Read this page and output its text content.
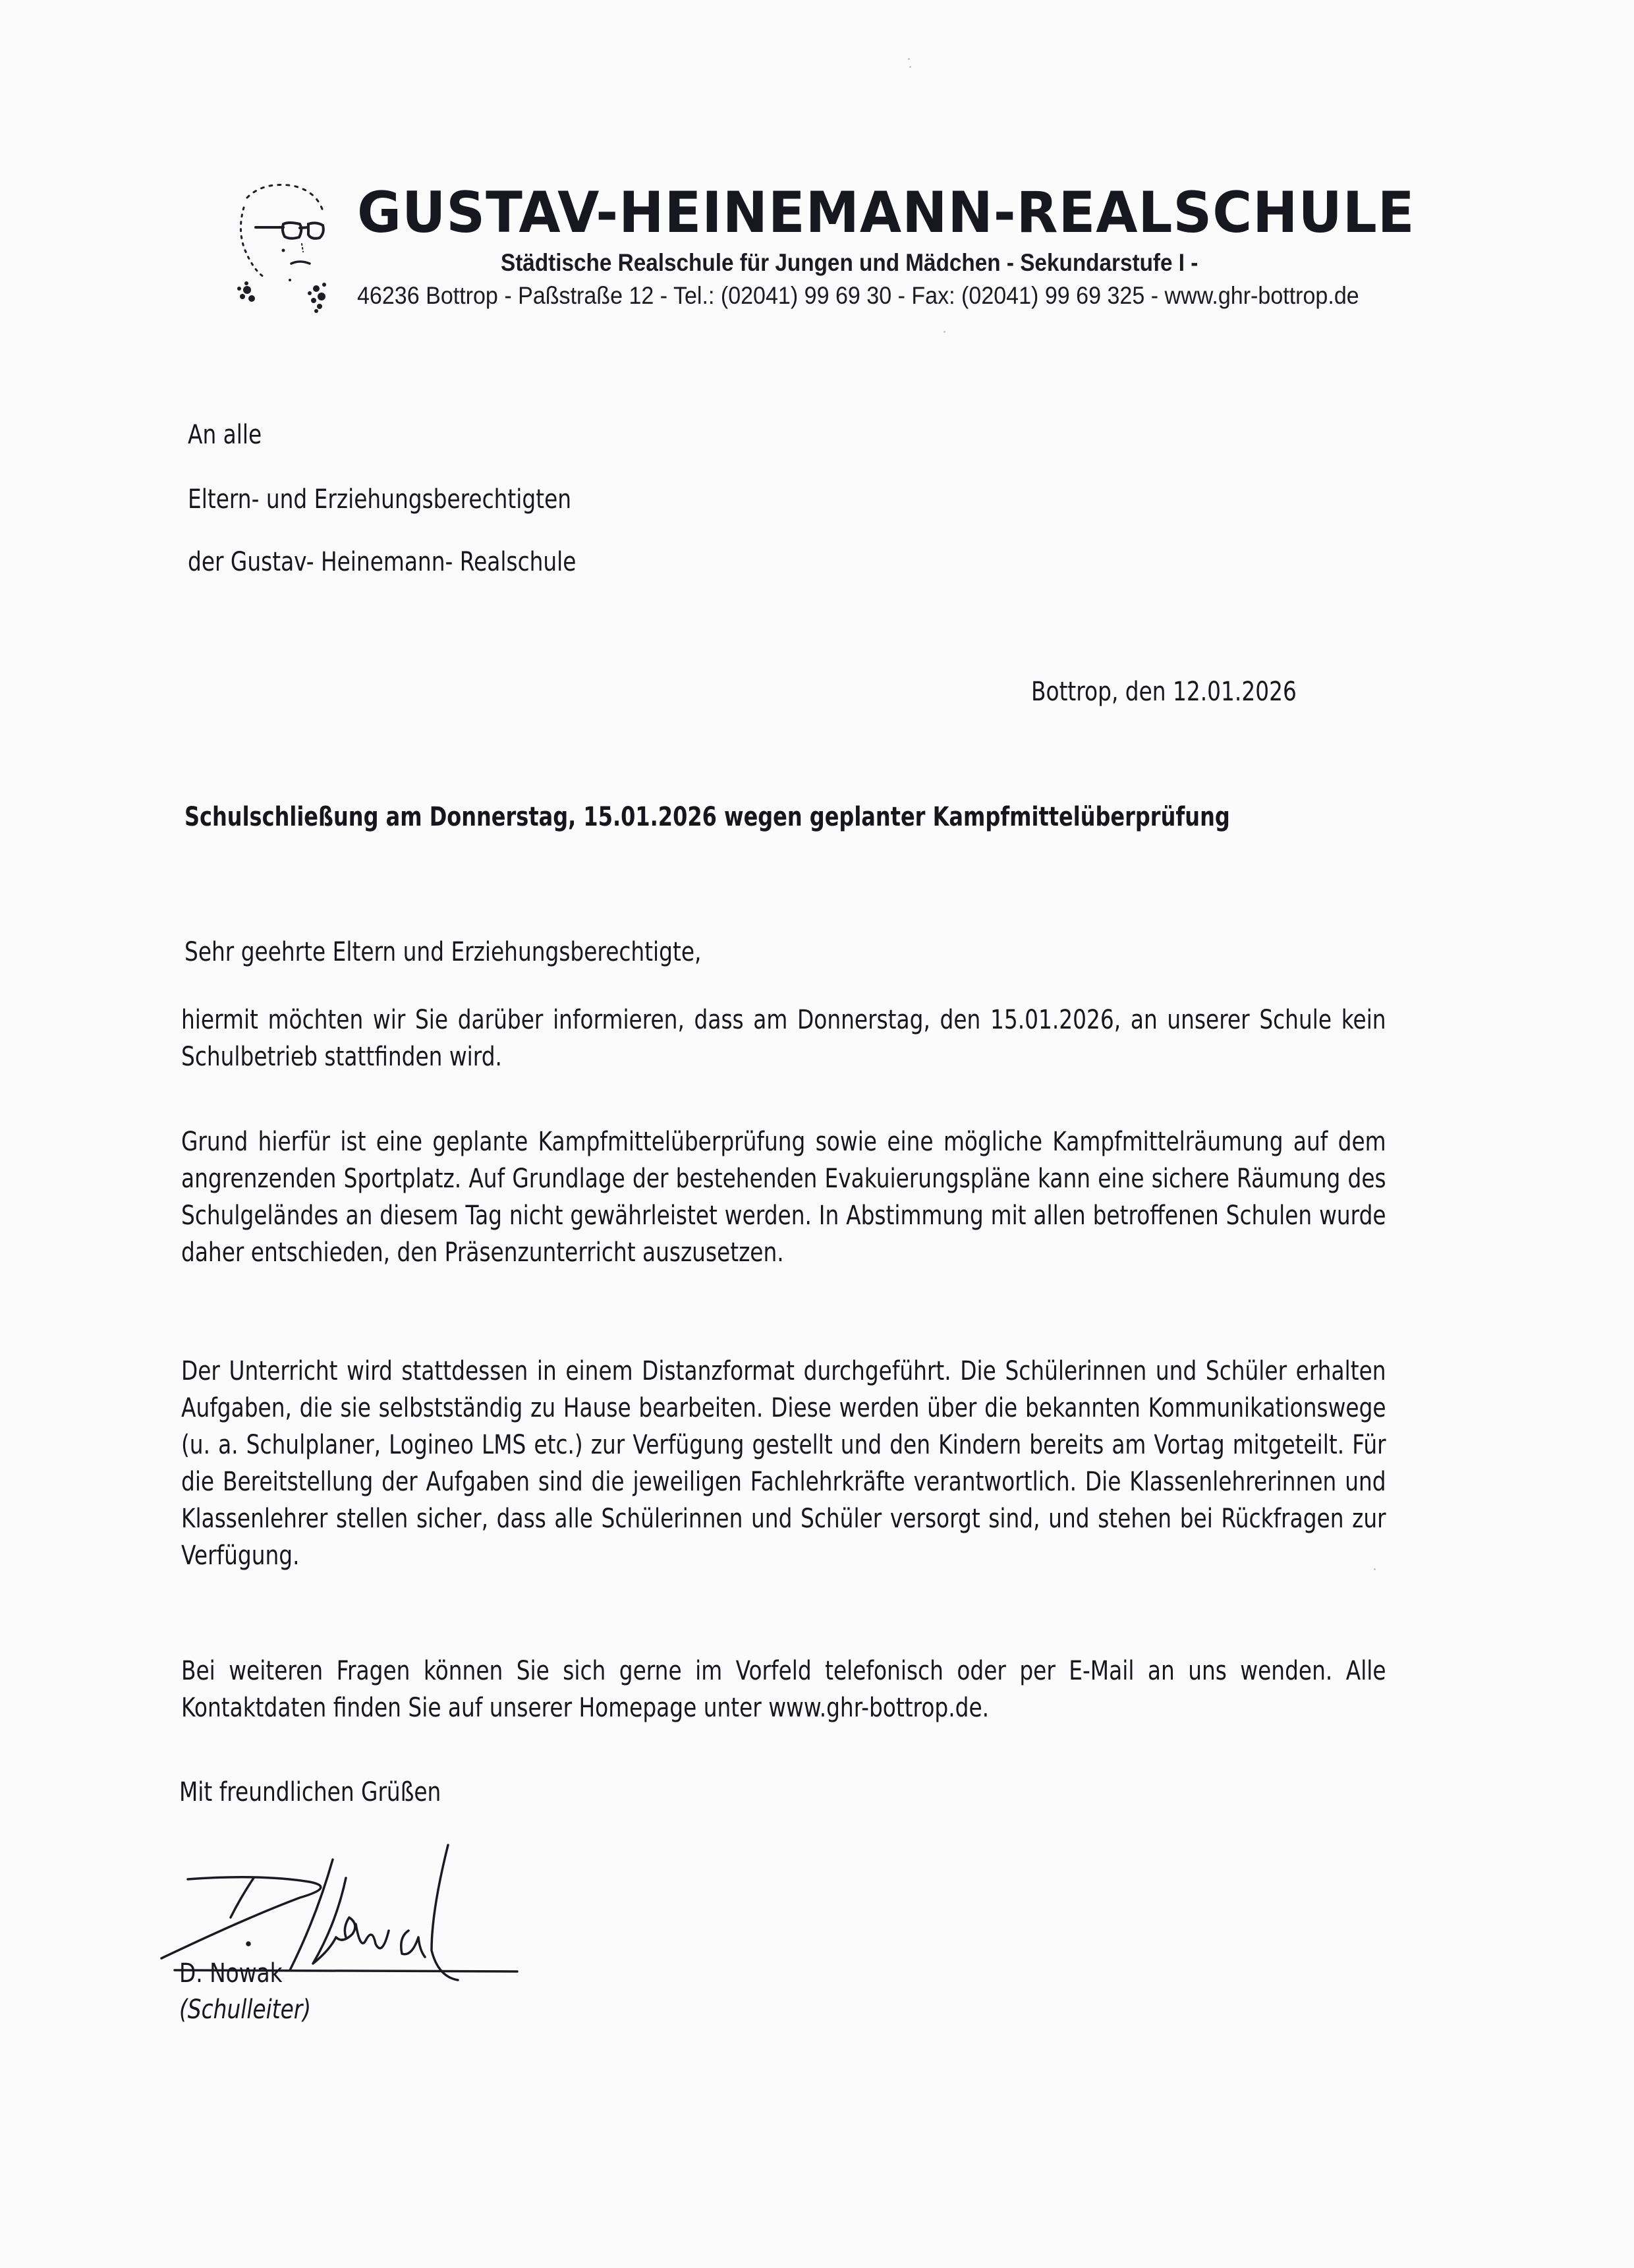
GUSTAV-HEINEMANN-REALSCHULE
Städtische Realschule für Jungen und Mädchen - Sekundarstufe I -
46236 Bottrop - Paßstraße 12 - Tel.: (02041) 99 69 30 - Fax: (02041) 99 69 325 - www.ghr-bottrop.de
An alle
Eltern- und Erziehungsberechtigten
der Gustav- Heinemann- Realschule
Bottrop, den 12.01.2026
Schulschließung am Donnerstag, 15.01.2026 wegen geplanter Kampfmittelüberprüfung
Sehr geehrte Eltern und Erziehungsberechtigte,
hiermit möchten wir Sie darüber informieren, dass am Donnerstag, den 15.01.2026, an unserer Schule kein Schulbetrieb stattfinden wird.
Grund hierfür ist eine geplante Kampfmittelüberprüfung sowie eine mögliche Kampfmittelräumung auf dem angrenzenden Sportplatz. Auf Grundlage der bestehenden Evakuierungspläne kann eine sichere Räumung des Schulgeländes an diesem Tag nicht gewährleistet werden. In Abstimmung mit allen betroffenen Schulen wurde daher entschieden, den Präsenzunterricht auszusetzen.
Der Unterricht wird stattdessen in einem Distanzformat durchgeführt. Die Schülerinnen und Schüler erhalten Aufgaben, die sie selbstständig zu Hause bearbeiten. Diese werden über die bekannten Kommunikationswege (u. a. Schulplaner, Logineo LMS etc.) zur Verfügung gestellt und den Kindern bereits am Vortag mitgeteilt. Für die Bereitstellung der Aufgaben sind die jeweiligen Fachlehrkräfte verantwortlich. Die Klassenlehrerinnen und Klassenlehrer stellen sicher, dass alle Schülerinnen und Schüler versorgt sind, und stehen bei Rückfragen zur Verfügung.
Bei weiteren Fragen können Sie sich gerne im Vorfeld telefonisch oder per E-Mail an uns wenden. Alle Kontaktdaten finden Sie auf unserer Homepage unter www.ghr-bottrop.de.
Mit freundlichen Grüßen
D. Nowak
(Schulleiter)
